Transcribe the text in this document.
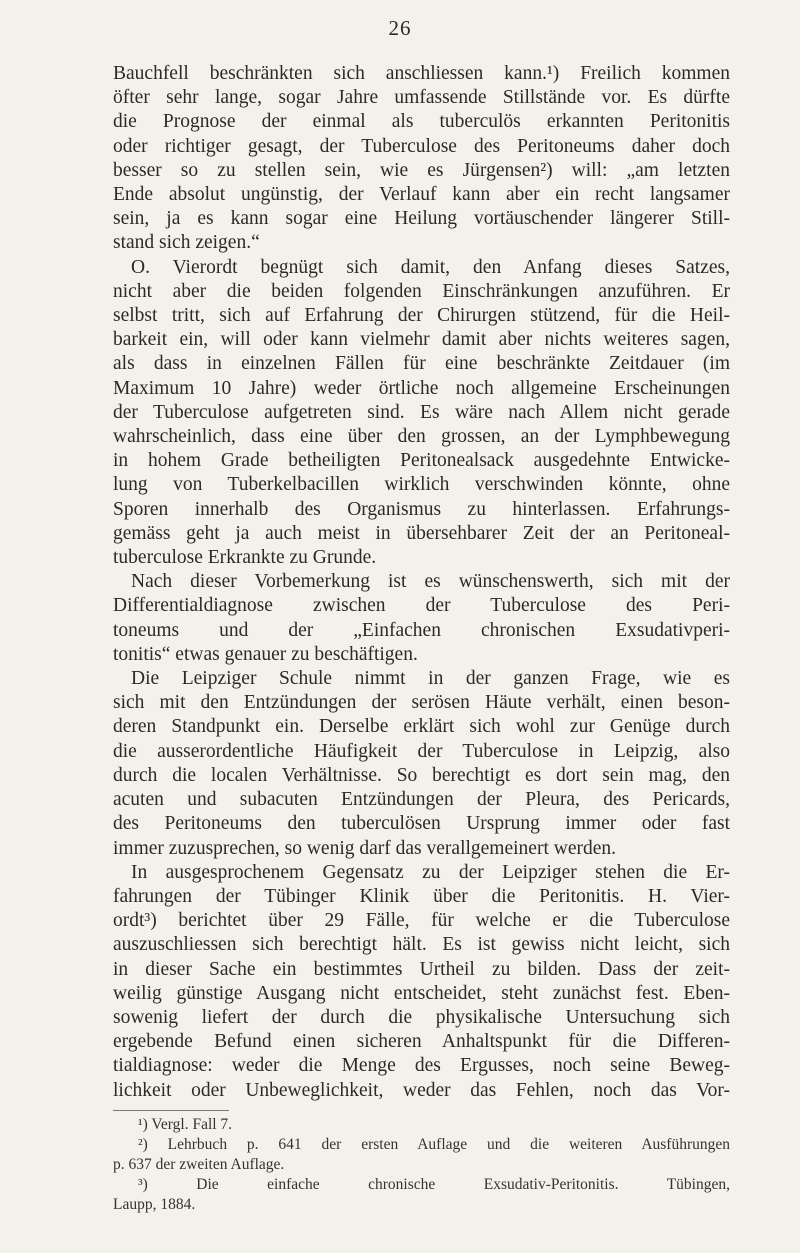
26
Bauchfell beschränkten sich anschliessen kann.¹) Freilich kommen
öfter sehr lange, sogar Jahre umfassende Stillstände vor. Es dürfte
die Prognose der einmal als tuberculös erkannten Peritonitis
oder richtiger gesagt, der Tuberculose des Peritoneums daher doch
besser so zu stellen sein, wie es Jürgensen²) will: „am letzten
Ende absolut ungünstig, der Verlauf kann aber ein recht langsamer
sein, ja es kann sogar eine Heilung vortäuschender längerer Still-
stand sich zeigen.“
O. Vierordt begnügt sich damit, den Anfang dieses Satzes,
nicht aber die beiden folgenden Einschränkungen anzuführen. Er
selbst tritt, sich auf Erfahrung der Chirurgen stützend, für die Heil-
barkeit ein, will oder kann vielmehr damit aber nichts weiteres sagen,
als dass in einzelnen Fällen für eine beschränkte Zeitdauer (im
Maximum 10 Jahre) weder örtliche noch allgemeine Erscheinungen
der Tuberculose aufgetreten sind. Es wäre nach Allem nicht gerade
wahrscheinlich, dass eine über den grossen, an der Lymphbewegung
in hohem Grade betheiligten Peritonealsack ausgedehnte Entwicke-
lung von Tuberkelbacillen wirklich verschwinden könnte, ohne
Sporen innerhalb des Organismus zu hinterlassen. Erfahrungs-
gemäss geht ja auch meist in übersehbarer Zeit der an Peritoneal-
tuberculose Erkrankte zu Grunde.
Nach dieser Vorbemerkung ist es wünschenswerth, sich mit der
Differentialdiagnose zwischen der Tuberculose des Peri-
toneums und der „Einfachen chronischen Exsudativperi-
tonitis“ etwas genauer zu beschäftigen.
Die Leipziger Schule nimmt in der ganzen Frage, wie es
sich mit den Entzündungen der serösen Häute verhält, einen beson-
deren Standpunkt ein. Derselbe erklärt sich wohl zur Genüge durch
die ausserordentliche Häufigkeit der Tuberculose in Leipzig, also
durch die localen Verhältnisse. So berechtigt es dort sein mag, den
acuten und subacuten Entzündungen der Pleura, des Pericards,
des Peritoneums den tuberculösen Ursprung immer oder fast
immer zuzusprechen, so wenig darf das verallgemeinert werden.
In ausgesprochenem Gegensatz zu der Leipziger stehen die Er-
fahrungen der Tübinger Klinik über die Peritonitis. H. Vier-
ordt³) berichtet über 29 Fälle, für welche er die Tuberculose
auszuschliessen sich berechtigt hält. Es ist gewiss nicht leicht, sich
in dieser Sache ein bestimmtes Urtheil zu bilden. Dass der zeit-
weilig günstige Ausgang nicht entscheidet, steht zunächst fest. Eben-
sowenig liefert der durch die physikalische Untersuchung sich
ergebende Befund einen sicheren Anhaltspunkt für die Differen-
tialdiagnose: weder die Menge des Ergusses, noch seine Beweg-
lichkeit oder Unbeweglichkeit, weder das Fehlen, noch das Vor-
¹) Vergl. Fall 7.
²) Lehrbuch p. 641 der ersten Auflage und die weiteren Ausführungen
p. 637 der zweiten Auflage.
³) Die einfache chronische Exsudativ-Peritonitis. Tübingen,
Laupp, 1884.
